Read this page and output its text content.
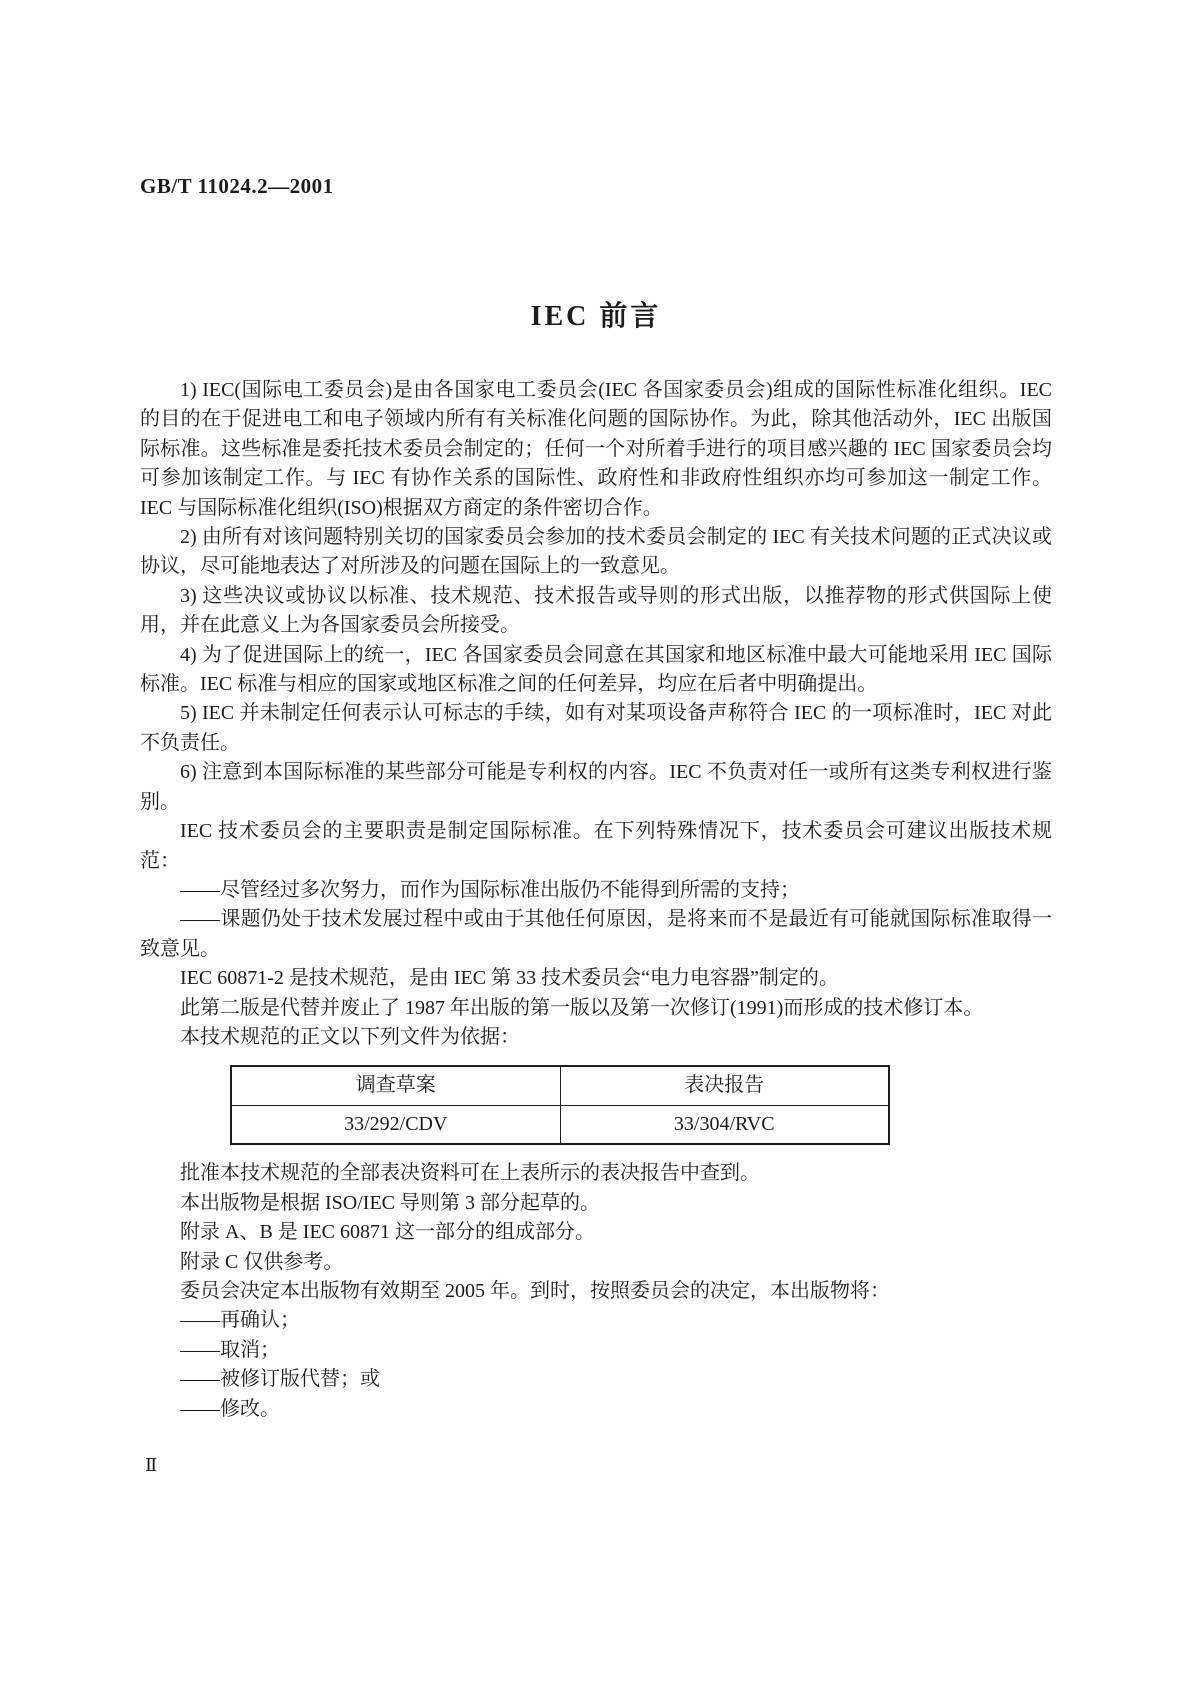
GB/T 11024.2—2001
IEC 前言

1) IEC(国际电工委员会)是由各国家电工委员会(IEC 各国家委员会)组成的国际性标准化组织。IEC 的目的在于促进电工和电子领域内所有有关标准化问题的国际协作。为此，除其他活动外，IEC 出版国际标准。这些标准是委托技术委员会制定的；任何一个对所着手进行的项目感兴趣的 IEC 国家委员会均可参加该制定工作。与 IEC 有协作关系的国际性、政府性和非政府性组织亦均可参加这一制定工作。IEC 与国际标准化组织(ISO)根据双方商定的条件密切合作。

2) 由所有对该问题特别关切的国家委员会参加的技术委员会制定的 IEC 有关技术问题的正式决议或协议，尽可能地表达了对所涉及的问题在国际上的一致意见。

3) 这些决议或协议以标准、技术规范、技术报告或导则的形式出版，以推荐物的形式供国际上使用，并在此意义上为各国家委员会所接受。

4) 为了促进国际上的统一，IEC 各国家委员会同意在其国家和地区标准中最大可能地采用 IEC 国际标准。IEC 标准与相应的国家或地区标准之间的任何差异，均应在后者中明确提出。

5) IEC 并未制定任何表示认可标志的手续，如有对某项设备声称符合 IEC 的一项标准时，IEC 对此不负责任。

6) 注意到本国际标准的某些部分可能是专利权的内容。IEC 不负责对任一或所有这类专利权进行鉴别。

IEC 技术委员会的主要职责是制定国际标准。在下列特殊情况下，技术委员会可建议出版技术规范：

——尽管经过多次努力，而作为国际标准出版仍不能得到所需的支持；

——课题仍处于技术发展过程中或由于其他任何原因，是将来而不是最近有可能就国际标准取得一致意见。

IEC 60871-2 是技术规范，是由 IEC 第 33 技术委员会“电力电容器”制定的。

此第二版是代替并废止了 1987 年出版的第一版以及第一次修订(1991)而形成的技术修订本。

本技术规范的正文以下列文件为依据：

调查草案	表决报告
33/292/CDV	33/304/RVC

批准本技术规范的全部表决资料可在上表所示的表决报告中查到。

本出版物是根据 ISO/IEC 导则第 3 部分起草的。

附录 A、B 是 IEC 60871 这一部分的组成部分。

附录 C 仅供参考。

委员会决定本出版物有效期至 2005 年。到时，按照委员会的决定，本出版物将：

——再确认；

——取消；

——被修订版代替；或

——修改。

Ⅱ
